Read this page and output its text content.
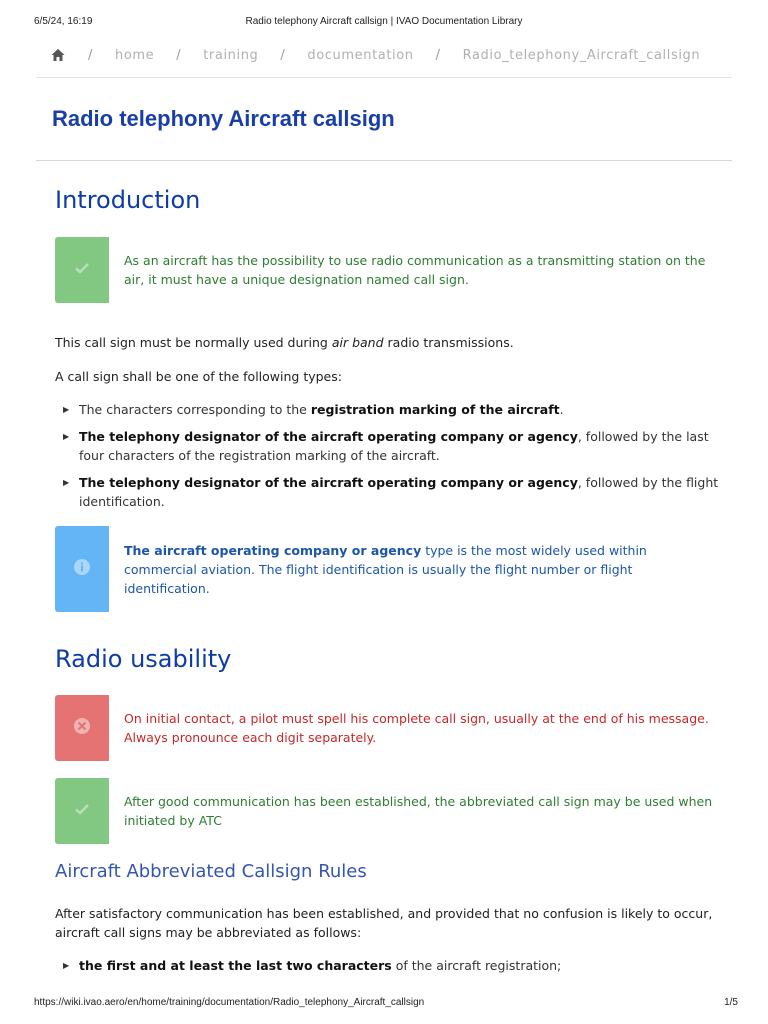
6/5/24, 16:19	Radio telephony Aircraft callsign | IVAO Documentation Library
/ home / training / documentation / Radio_telephony_Aircraft_callsign
Radio telephony Aircraft callsign
Introduction
As an aircraft has the possibility to use radio communication as a transmitting station on the air, it must have a unique designation named call sign.

This call sign must be normally used during air band radio transmissions.

A call sign shall be one of the following types:

▶ The characters corresponding to the registration marking of the aircraft.
▶ The telephony designator of the aircraft operating company or agency, followed by the last four characters of the registration marking of the aircraft.
▶ The telephony designator of the aircraft operating company or agency, followed by the flight identification.
The aircraft operating company or agency type is the most widely used within commercial aviation. The flight identification is usually the flight number or flight identification.
Radio usability
On initial contact, a pilot must spell his complete call sign, usually at the end of his message. Always pronounce each digit separately.
After good communication has been established, the abbreviated call sign may be used when initiated by ATC
Aircraft Abbreviated Callsign Rules

After satisfactory communication has been established, and provided that no confusion is likely to occur, aircraft call signs may be abbreviated as follows:

▶ the first and at least the last two characters of the aircraft registration;
https://wiki.ivao.aero/en/home/training/documentation/Radio_telephony_Aircraft_callsign	1/5
